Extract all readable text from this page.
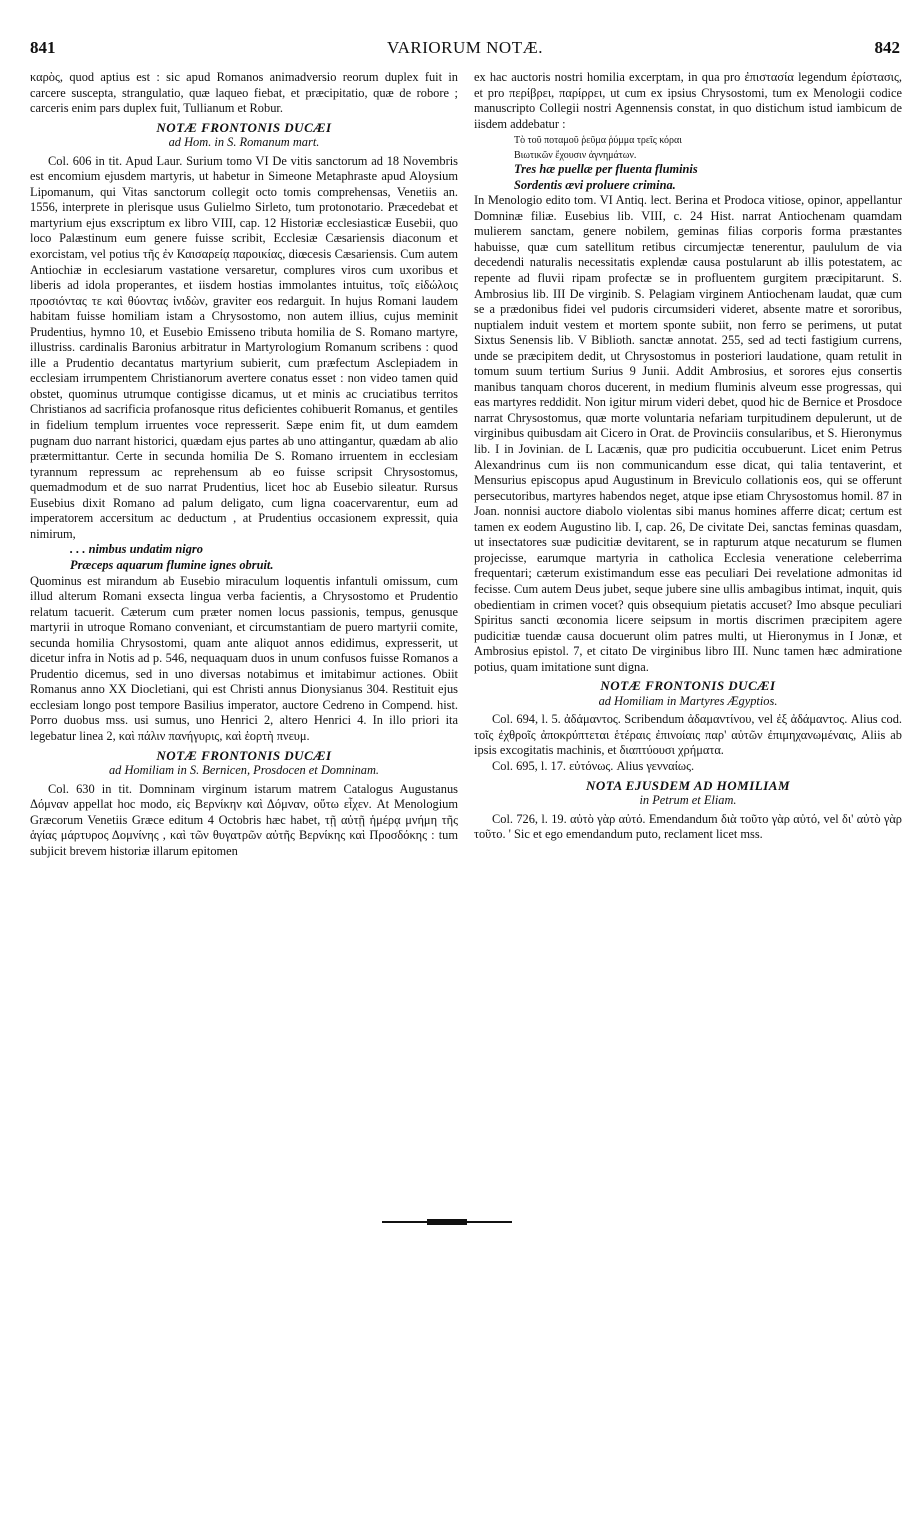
841	VARIORUM NOTÆ.	842

καρὸς, quod aptius est : sic apud Romanos animadversio reorum duplex fuit in carcere suscepta, strangulatio, quæ laqueo fiebat, et præcipitatio, quæ de robore ; carceris enim pars duplex fuit, Tullianum et Robur.

NOTÆ FRONTONIS DUCÆI
ad Hom. in S. Romanum mart.

Col. 606 in tit. Apud Laur. Surium tomo VI De vitis sanctorum ad 18 Novembris est encomium ejusdem martyris, ut habetur in Simeone Metaphraste apud Aloysium Lipomanum, qui Vitas sanctorum collegit octo tomis comprehensas, Venetiis an. 1556, interprete in plerisque usus Gulielmo Sirleto, tum protonotario. Præcedebat et martyrium ejus exscriptum ex libro VIII, cap. 12 Historiæ ecclesiasticæ Eusebii, quo loco Palæstinum eum genere fuisse scribit, Ecclesiæ Cæsariensis diaconum et exorcistam, vel potius τῆς ἐν Καισαρείᾳ παροικίας, diœcesis Cæsariensis. Cum autem Antiochiæ in ecclesiarum vastatione versaretur, complures viros cum uxoribus et liberis ad idola properantes, et iisdem hostias immolantes intuitus, τοῖς εἰδώλοις προσιόντας τε καὶ θύοντας ἰνιδὼν, graviter eos redarguit. In hujus Romani laudem habitam fuisse homiliam istam a Chrysostomo, non autem illius, cujus meminit Prudentius, hymno 10, et Eusebio Emisseno tributa homilia de S. Romano martyre, illustriss. cardinalis Baronius arbitratur in Martyrologium Romanum scribens : quod ille a Prudentio decantatus martyrium subierit, cum præfectum Asclepiadem in ecclesiam irrumpentem Christianorum avertere conatus esset : non video tamen quid obstet, quominus utrumque contigisse dicamus, ut et minis ac cruciatibus territos Christianos ad sacrificia profanosque ritus deficientes cohibuerit Romanus, et gentiles in fidelium templum irruentes voce represserit. Sæpe enim fit, ut dum eamdem pugnam duo narrant historici, quædam ejus partes ab uno attingantur, quædam ab alio prætermittantur. Certe in secunda homilia De S. Romano irruentem in ecclesiam tyrannum repressum ac reprehensum ab eo fuisse scripsit Chrysostomus, quemadmodum et de suo narrat Prudentius, licet hoc ab Eusebio sileatur. Rursus Eusebius dixit Romano ad palum deligato, cum ligna coacervarentur, eum ad imperatorem accersitum ac deductum , at Prudentius occasionem expressit, quia nimirum,

. . . nimbus undatim nigro
Præceps aquarum flumine ignes obruit.

Quominus est mirandum ab Eusebio miraculum loquentis infantuli omissum, cum illud alterum Romani exsecta lingua verba facientis, a Chrysostomo et Prudentio relatum tacuerit. Cæterum cum præter nomen locus passionis, tempus, genusque martyrii in utroque Romano conveniant, et circumstantiam de puero martyrii comite, secunda homilia Chrysostomi, quam ante aliquot annos edidimus, expresserit, ut dicetur infra in Notis ad p. 546, nequaquam duos in unum confusos fuisse Romanos a Prudentio dicemus, sed in uno diversas notabimus et imitabimur actiones. Obiit Romanus anno XX Diocletiani, qui est Christi annus Dionysianus 304. Restituit ejus ecclesiam longo post tempore Basilius imperator, auctore Cedreno in Compend. hist. Porro duobus mss. usi sumus, uno Henrici 2, altero Henrici 4. In illo priori ita legebatur linea 2, καὶ πάλιν πανήγυρις, καὶ ἑορτὴ πνευμ.

NOTÆ FRONTONIS DUCÆI
ad Homiliam in S. Bernicen, Prosdocen et Domninam.

Col. 630 in tit. Domninam virginum istarum matrem Catalogus Augustanus Δόμναν appellat hoc modo, εἰς Βερνίκην καὶ Δόμναν, οὕτω εἶχεν. At Menologium Græcorum Venetiis Græce editum 4 Octobris hæc habet, τῇ αὐτῇ ἡμέρᾳ μνήμη τῆς ἁγίας μάρτυρος Δομνίνης , καὶ τῶν θυγατρῶν αὐτῆς Βερνίκης καὶ Προσδόκης : tum subjicit brevem historiæ illarum epitomen

ex hac auctoris nostri homilia excerptam, in qua pro ἐπιστασία legendum ἐρίστασις, et pro περίβρει, παρίρρει, ut cum ex ipsius Chrysostomi, tum ex Menologii codice manuscripto Collegii nostri Agennensis constat, in quo distichum istud iambicum de iisdem addebatur :

Τὸ τοῦ ποταμοῦ ῥεῦμα ῥύμμα τρεῖς κόραι
Βιωτικῶν ἔχουσιν ἀγνημάτων.
Tres hæ puellæ per fluenta fluminis
Sordentis ævi proluere crimina.

In Menologio edito tom. VI Antiq. lect. Berina et Prodoca vitiose, opinor, appellantur Domninæ filiæ. Eusebius lib. VIII, c. 24 Hist. narrat Antiochenam quamdam mulierem sanctam, genere nobilem, geminas filias corporis forma præstantes habuisse, quæ cum satellitum retibus circumjectæ tenerentur, paululum de via decedendi naturalis necessitatis explendæ causa postularunt ab illis potestatem, ac repente ad fluvii ripam profectæ se in profluentem gurgitem præcipitarunt. S. Ambrosius lib. III De virginib. S. Pelagiam virginem Antiochenam laudat, quæ cum se a prædonibus fidei vel pudoris circumsideri videret, absente matre et sororibus, nuptialem induit vestem et mortem sponte subiit, non ferro se perimens, ut putat Sixtus Senensis lib. V Biblioth. sanctæ annotat. 255, sed ad tecti fastigium currens, unde se præcipitem dedit, ut Chrysostomus in posteriori laudatione, quam retulit in tomum suum tertium Surius 9 Junii. Addit Ambrosius, et sorores ejus consertis manibus tanquam choros ducerent, in medium fluminis alveum esse progressas, qui eas martyres reddidit. Non igitur mirum videri debet, quod hic de Bernice et Prosdoce narrat Chrysostomus, quæ morte voluntaria nefariam turpitudinem depulerunt, ut de virginibus quibusdam ait Cicero in Orat. de Provinciis consularibus, et S. Hieronymus lib. I in Jovinian. de L Lacænis, quæ pro pudicitia occubuerunt. Licet enim Petrus Alexandrinus cum iis non communicandum esse dicat, qui talia tentaverint, et Mensurius episcopus apud Augustinum in Breviculo collationis eos, qui se offerunt persecutoribus, martyres habendos neget, atque ipse etiam Chrysostomus homil. 87 in Joan. nonnisi auctore diabolo violentas sibi manus homines afferre dicat; certum est tamen ex eodem Augustino lib. I, cap. 26, De civitate Dei, sanctas feminas quasdam, ut insectatores suæ pudicitiæ devitarent, se in rapturum atque necaturum se flumen projecisse, earumque martyria in catholica Ecclesia veneratione celeberrima frequentari; cæterum existimandum esse eas peculiari Dei revelatione admonitas id fecisse. Cum autem Deus jubet, seque jubere sine ullis ambagibus intimat, inquit, quis obedientiam in crimen vocet? quis obsequium pietatis accuset? Imo absque peculiari Spiritus sancti œconomia licere seipsum in mortis discrimen præcipitem agere pudicitiæ tuendæ causa docuerunt olim patres multi, ut Hieronymus in I Jonæ, et Ambrosius epistol. 7, et citato De virginibus libro III. Nunc tamen hæc admiratione potius, quam imitatione sunt digna.

NOTÆ FRONTONIS DUCÆI
ad Homiliam in Martyres Ægyptios.

Col. 694, l. 5. ἀδάμαντος. Scribendum ἀδαμαντίνου, vel ἐξ ἀδάμαντος. Alius cod. τοῖς ἐχθροῖς ἀποκρύπτεται ἑτέραις ἐπινοίαις παρ' αὐτῶν ἐπιμηχανωμέναις, Aliis ab ipsis excogitatis machinis, et διαπτύουσι χρήματα.

Col. 695, l. 17. εὐτόνως. Alius γενναίως.

NOTA EJUSDEM AD HOMILIAM
in Petrum et Eliam.

Col. 726, l. 19. αὐτὸ γὰρ αὐτό. Emendandum διὰ τοῦτο γὰρ αὐτό, vel δι' αὐτὸ γὰρ τοῦτο. ' Sic et ego emendandum puto, reclament licet mss.
